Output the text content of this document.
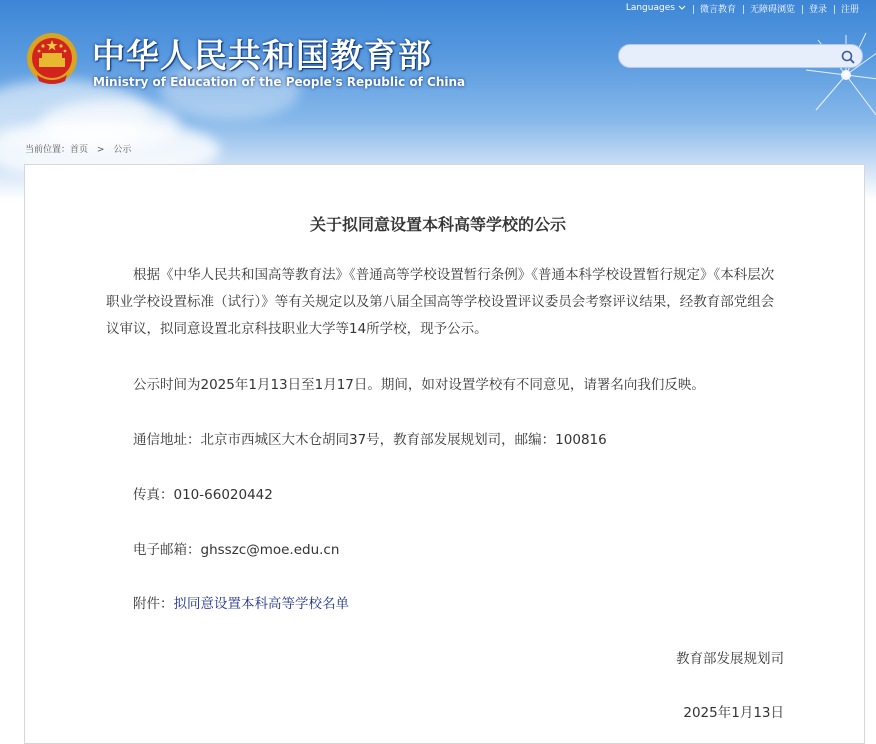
Languages	微言教育	无障碍浏览	登录	注册
中华人民共和国教育部
Ministry of Education of the People's Republic of China
当前位置：首页 > 公示
关于拟同意设置本科高等学校的公示
根据《中华人民共和国高等教育法》《普通高等学校设置暂行条例》《普通本科学校设置暂行规定》《本科层次职业学校设置标准（试行）》等有关规定以及第八届全国高等学校设置评议委员会考察评议结果，经教育部党组会议审议，拟同意设置北京科技职业大学等14所学校，现予公示。
公示时间为2025年1月13日至1月17日。期间，如对设置学校有不同意见，请署名向我们反映。
通信地址：北京市西城区大木仓胡同37号，教育部发展规划司，邮编：100816
传真：010-66020442
电子邮箱：ghsszc@moe.edu.cn
附件：拟同意设置本科高等学校名单
教育部发展规划司
2025年1月13日
